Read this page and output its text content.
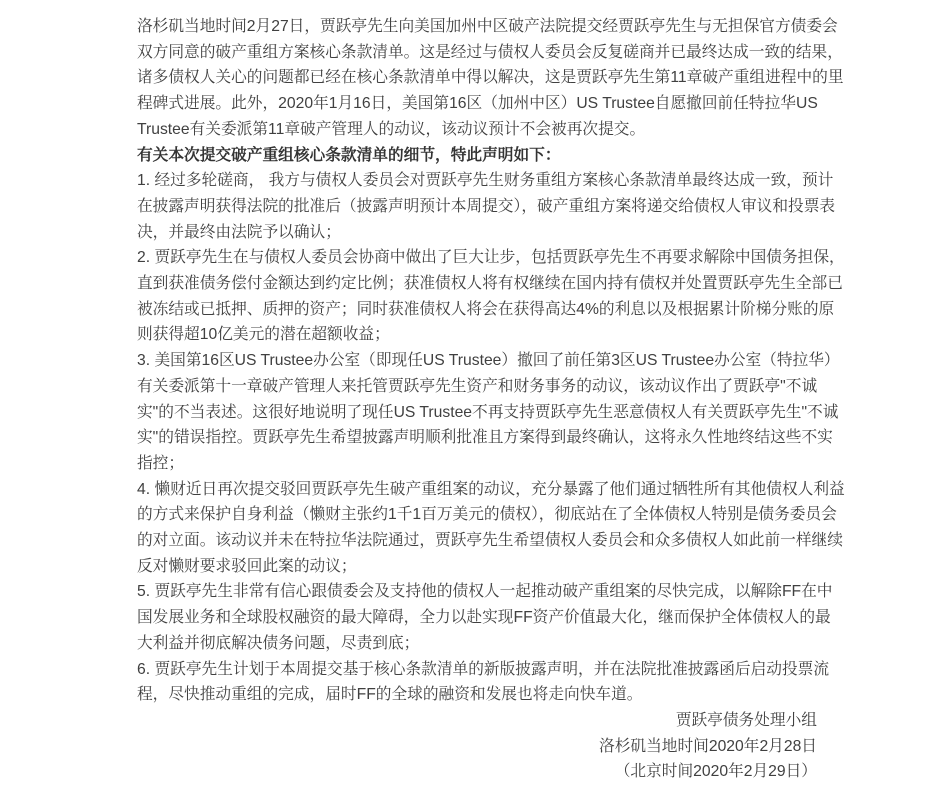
洛杉矶当地时间2月27日，贾跃亭先生向美国加州中区破产法院提交经贾跃亭先生与无担保官方债委会双方同意的破产重组方案核心条款清单。这是经过与债权人委员会反复磋商并已最终达成一致的结果，诸多债权人关心的问题都已经在核心条款清单中得以解决，这是贾跃亭先生第11章破产重组进程中的里程碑式进展。此外，2020年1月16日，美国第16区（加州中区）US Trustee自愿撤回前任特拉华US Trustee有关委派第11章破产管理人的动议，该动议预计不会被再次提交。

有关本次提交破产重组核心条款清单的细节，特此声明如下：

1. 经过多轮磋商， 我方与债权人委员会对贾跃亭先生财务重组方案核心条款清单最终达成一致，预计在披露声明获得法院的批准后（披露声明预计本周提交），破产重组方案将递交给债权人审议和投票表决，并最终由法院予以确认；

2. 贾跃亭先生在与债权人委员会协商中做出了巨大让步，包括贾跃亭先生不再要求解除中国债务担保，直到获准债务偿付金额达到约定比例；获准债权人将有权继续在国内持有债权并处置贾跃亭先生全部已被冻结或已抵押、质押的资产；同时获准债权人将会在获得高达4%的利息以及根据累计阶梯分账的原则获得超10亿美元的潜在超额收益；

3. 美国第16区US Trustee办公室（即现任US Trustee）撤回了前任第3区US Trustee办公室（特拉华）有关委派第十一章破产管理人来托管贾跃亭先生资产和财务事务的动议，该动议作出了贾跃亭"不诚实"的不当表述。这很好地说明了现任US Trustee不再支持贾跃亭先生恶意债权人有关贾跃亭先生"不诚实"的错误指控。贾跃亭先生希望披露声明顺利批准且方案得到最终确认，这将永久性地终结这些不实指控；

4. 懒财近日再次提交驳回贾跃亭先生破产重组案的动议，充分暴露了他们通过牺牲所有其他债权人利益的方式来保护自身利益（懒财主张约1千1百万美元的债权），彻底站在了全体债权人特别是债务委员会的对立面。该动议并未在特拉华法院通过，贾跃亭先生希望债权人委员会和众多债权人如此前一样继续反对懒财要求驳回此案的动议；

5. 贾跃亭先生非常有信心跟债委会及支持他的债权人一起推动破产重组案的尽快完成，以解除FF在中国发展业务和全球股权融资的最大障碍，全力以赴实现FF资产价值最大化，继而保护全体债权人的最大利益并彻底解决债务问题，尽责到底；

6. 贾跃亭先生计划于本周提交基于核心条款清单的新版披露声明，并在法院批准披露函后启动投票流程，尽快推动重组的完成，届时FF的全球的融资和发展也将走向快车道。

贾跃亭债务处理小组

洛杉矶当地时间2020年2月28日

（北京时间2020年2月29日）
